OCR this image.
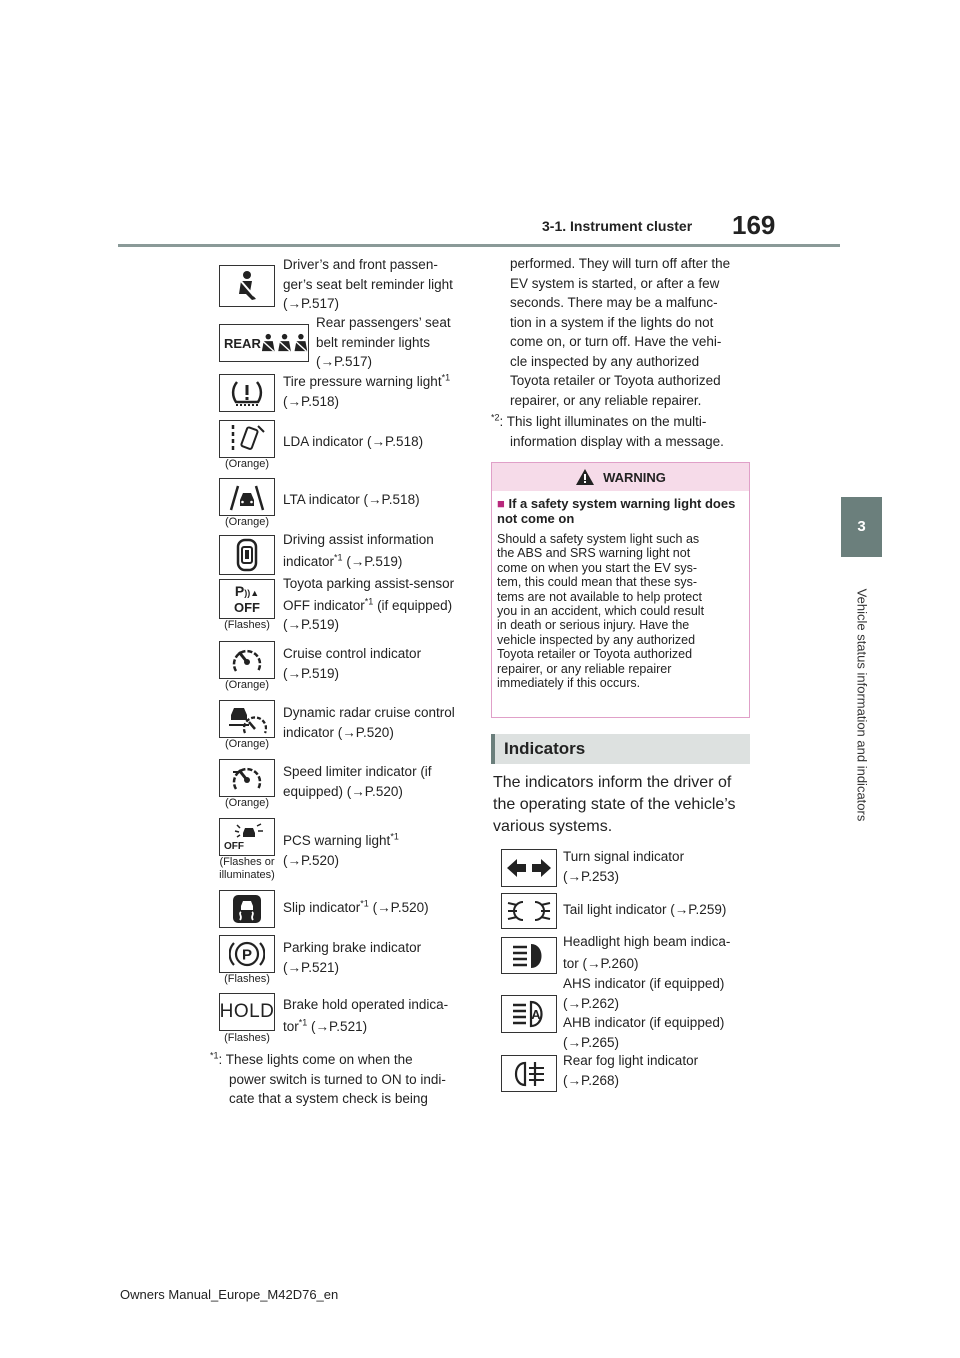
3-1. Instrument cluster 169
3
Vehicle status information and indicators
Driver’s and front passen-
ger’s seat belt reminder light
(→P.517)
REAR
Rear passengers’ seat
belt reminder lights
(→P.517)
Tire pressure warning light$^{*1}$
(→P.518)
(Orange)
LDA indicator (→P.518)
(Orange)
LTA indicator (→P.518)
Driving assist information
indicator$^{*1}$ (→P.519)
P))▲
OFF
(Flashes)
Toyota parking assist-sensor
OFF indicator$^{*1}$ (if equipped)
(→P.519)
(Orange)
Cruise control indicator
(→P.519)
(Orange)
Dynamic radar cruise control
indicator (→P.520)
(Orange)
Speed limiter indicator (if
equipped) (→P.520)
OFF
(Flashes or illuminates)
PCS warning light$^{*1}$
(→P.520)
Slip indicator$^{*1}$ (→P.520)
P
(Flashes)
Parking brake indicator
(→P.521)
HOLD
(Flashes)
Brake hold operated indica-
tor$^{*1}$ (→P.521)
$^{*1}$: These lights come on when the
power switch is turned to ON to indi-
cate that a system check is being
performed. They will turn off after the
EV system is started, or after a few
seconds. There may be a malfunc-
tion in a system if the lights do not
come on, or turn off. Have the vehi-
cle inspected by any authorized
Toyota retailer or Toyota authorized
repairer, or any reliable repairer.
$^{*2}$: This light illuminates on the multi-
information display with a message.
WARNING
■ If a safety system warning light does not come on
Should a safety system light such as
the ABS and SRS warning light not
come on when you start the EV sys-
tem, this could mean that these sys-
tems are not available to help protect
you in an accident, which could result
in death or serious injury. Have the
vehicle inspected by any authorized
Toyota retailer or Toyota authorized
repairer, or any reliable repairer
immediately if this occurs.
Indicators
The indicators inform the driver of
the operating state of the vehicle’s
various systems.
Turn signal indicator
(→P.253)
Tail light indicator (→P.259)
Headlight high beam indica-
tor (→P.260)
A
AHS indicator (if equipped)
(→P.262)
AHB indicator (if equipped)
(→P.265)
Rear fog light indicator
(→P.268)
Owners Manual_Europe_M42D76_en
